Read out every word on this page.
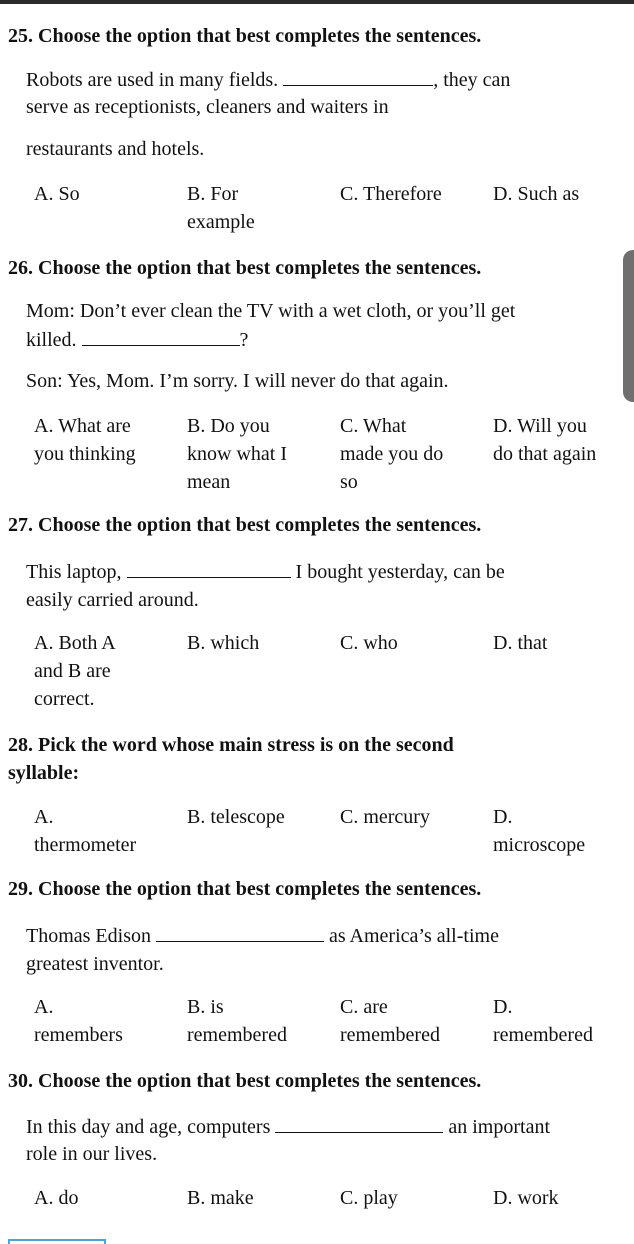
25. Choose the option that best completes the sentences.
Robots are used in many fields.	, they can
serve as receptionists, cleaners and waiters in
restaurants and hotels.
A. So	B. For
example
C. Therefore	D. Such as
26. Choose the option that best completes the sentences.
Mom: Don’t ever clean the TV with a wet cloth, or you’ll get
killed.	?
Son: Yes, Mom. I’m sorry. I will never do that again.
A. What are
you thinking
B. Do you
know what I
mean
C. What
made you do
so
D. Will you
do that again
27. Choose the option that best completes the sentences.
This laptop,	I bought yesterday, can be
easily carried around.
A. Both A
and B are
correct.
B. which	C. who	D. that
28. Pick the word whose main stress is on the second
syllable:
A.
thermometer
B. telescope	C. mercury	D.
microscope
29. Choose the option that best completes the sentences.
Thomas Edison	as America’s all-time
greatest inventor.
A.
remembers
B. is
remembered
C. are
remembered
D.
remembered
30. Choose the option that best completes the sentences.
In this day and age, computers	an important
role in our lives.
A. do	B. make	C. play	D. work
